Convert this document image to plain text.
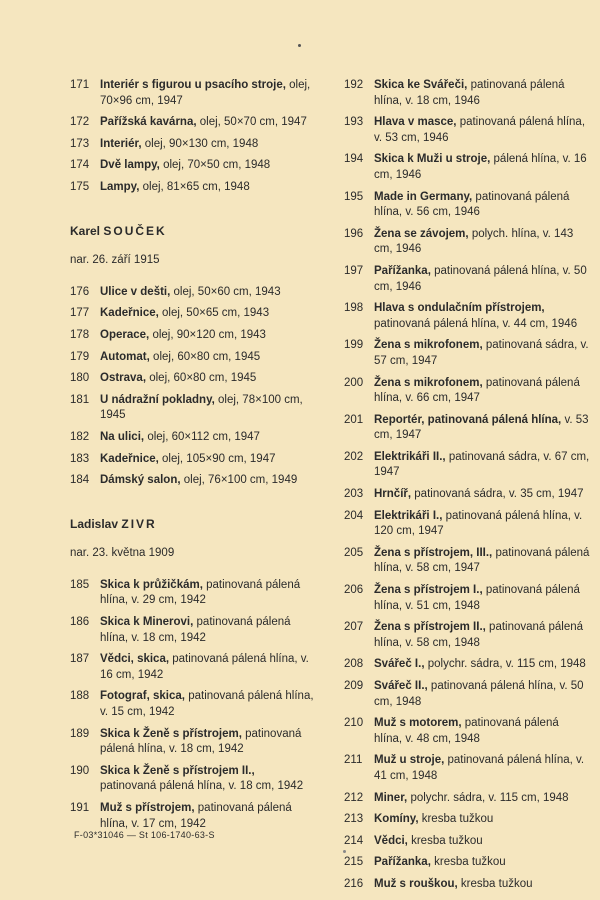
171 Interiér s figurou u psacího stroje, olej, 70×96 cm, 1947
172 Pařížská kavárna, olej, 50×70 cm, 1947
173 Interiér, olej, 90×130 cm, 1948
174 Dvě lampy, olej, 70×50 cm, 1948
175 Lampy, olej, 81×65 cm, 1948
Karel SOUČEK
nar. 26. září 1915
176 Ulice v dešti, olej, 50×60 cm, 1943
177 Kadeřnice, olej, 50×65 cm, 1943
178 Operace, olej, 90×120 cm, 1943
179 Automat, olej, 60×80 cm, 1945
180 Ostrava, olej, 60×80 cm, 1945
181 U nádražní pokladny, olej, 78×100 cm, 1945
182 Na ulici, olej, 60×112 cm, 1947
183 Kadeřnice, olej, 105×90 cm, 1947
184 Dámský salon, olej, 76×100 cm, 1949
Ladislav ZIVR
nar. 23. května 1909
185 Skica k průžičkám, patinovaná pálená hlína, v. 29 cm, 1942
186 Skica k Minerovi, patinovaná pálená hlína, v. 18 cm, 1942
187 Vědci, skica, patinovaná pálená hlína, v. 16 cm, 1942
188 Fotograf, skica, patinovaná pálená hlína, v. 15 cm, 1942
189 Skica k Ženě s přístrojem, patinovaná pálená hlína, v. 18 cm, 1942
190 Skica k Ženě s přístrojem II., patinovaná pálená hlína, v. 18 cm, 1942
191 Muž s přístrojem, patinovaná pálená hlína, v. 17 cm, 1942
192 Skica ke Svářeči, patinovaná pálená hlína, v. 18 cm, 1946
193 Hlava v masce, patinovaná pálená hlína, v. 53 cm, 1946
194 Skica k Muži u stroje, pálená hlína, v. 16 cm, 1946
195 Made in Germany, patinovaná pálená hlína, v. 56 cm, 1946
196 Žena se závojem, polych. hlína, v. 143 cm, 1946
197 Pařížanka, patinovaná pálená hlína, v. 50 cm, 1946
198 Hlava s ondulačním přístrojem, patinovaná pálená hlína, v. 44 cm, 1946
199 Žena s mikrofonem, patinovaná sádra, v. 57 cm, 1947
200 Žena s mikrofonem, patinovaná pálená hlína, v. 66 cm, 1947
201 Reportér, patinovaná pálená hlína, v. 53 cm, 1947
202 Elektrikáři II., patinovaná sádra, v. 67 cm, 1947
203 Hrnčíř, patinovaná sádra, v. 35 cm, 1947
204 Elektrikáři I., patinovaná pálená hlína, v. 120 cm, 1947
205 Žena s přístrojem, III., patinovaná pálená hlína, v. 58 cm, 1947
206 Žena s přístrojem I., patinovaná pálená hlína, v. 51 cm, 1948
207 Žena s přístrojem II., patinovaná pálená hlína, v. 58 cm, 1948
208 Svářeč I., polychr. sádra, v. 115 cm, 1948
209 Svářeč II., patinovaná pálená hlína, v. 50 cm, 1948
210 Muž s motorem, patinovaná pálená hlína, v. 48 cm, 1948
211	Muž u stroje, patinovaná pálená hlína, v. 41 cm, 1948
212 Miner, polychr. sádra, v. 115 cm, 1948
213 Komíny, kresba tužkou
214 Vědci, kresba tužkou
215 Pařížanka, kresba tužkou
216 Muž s rouškou, kresba tužkou
F-03*31046 — St 106-1740-63-S
